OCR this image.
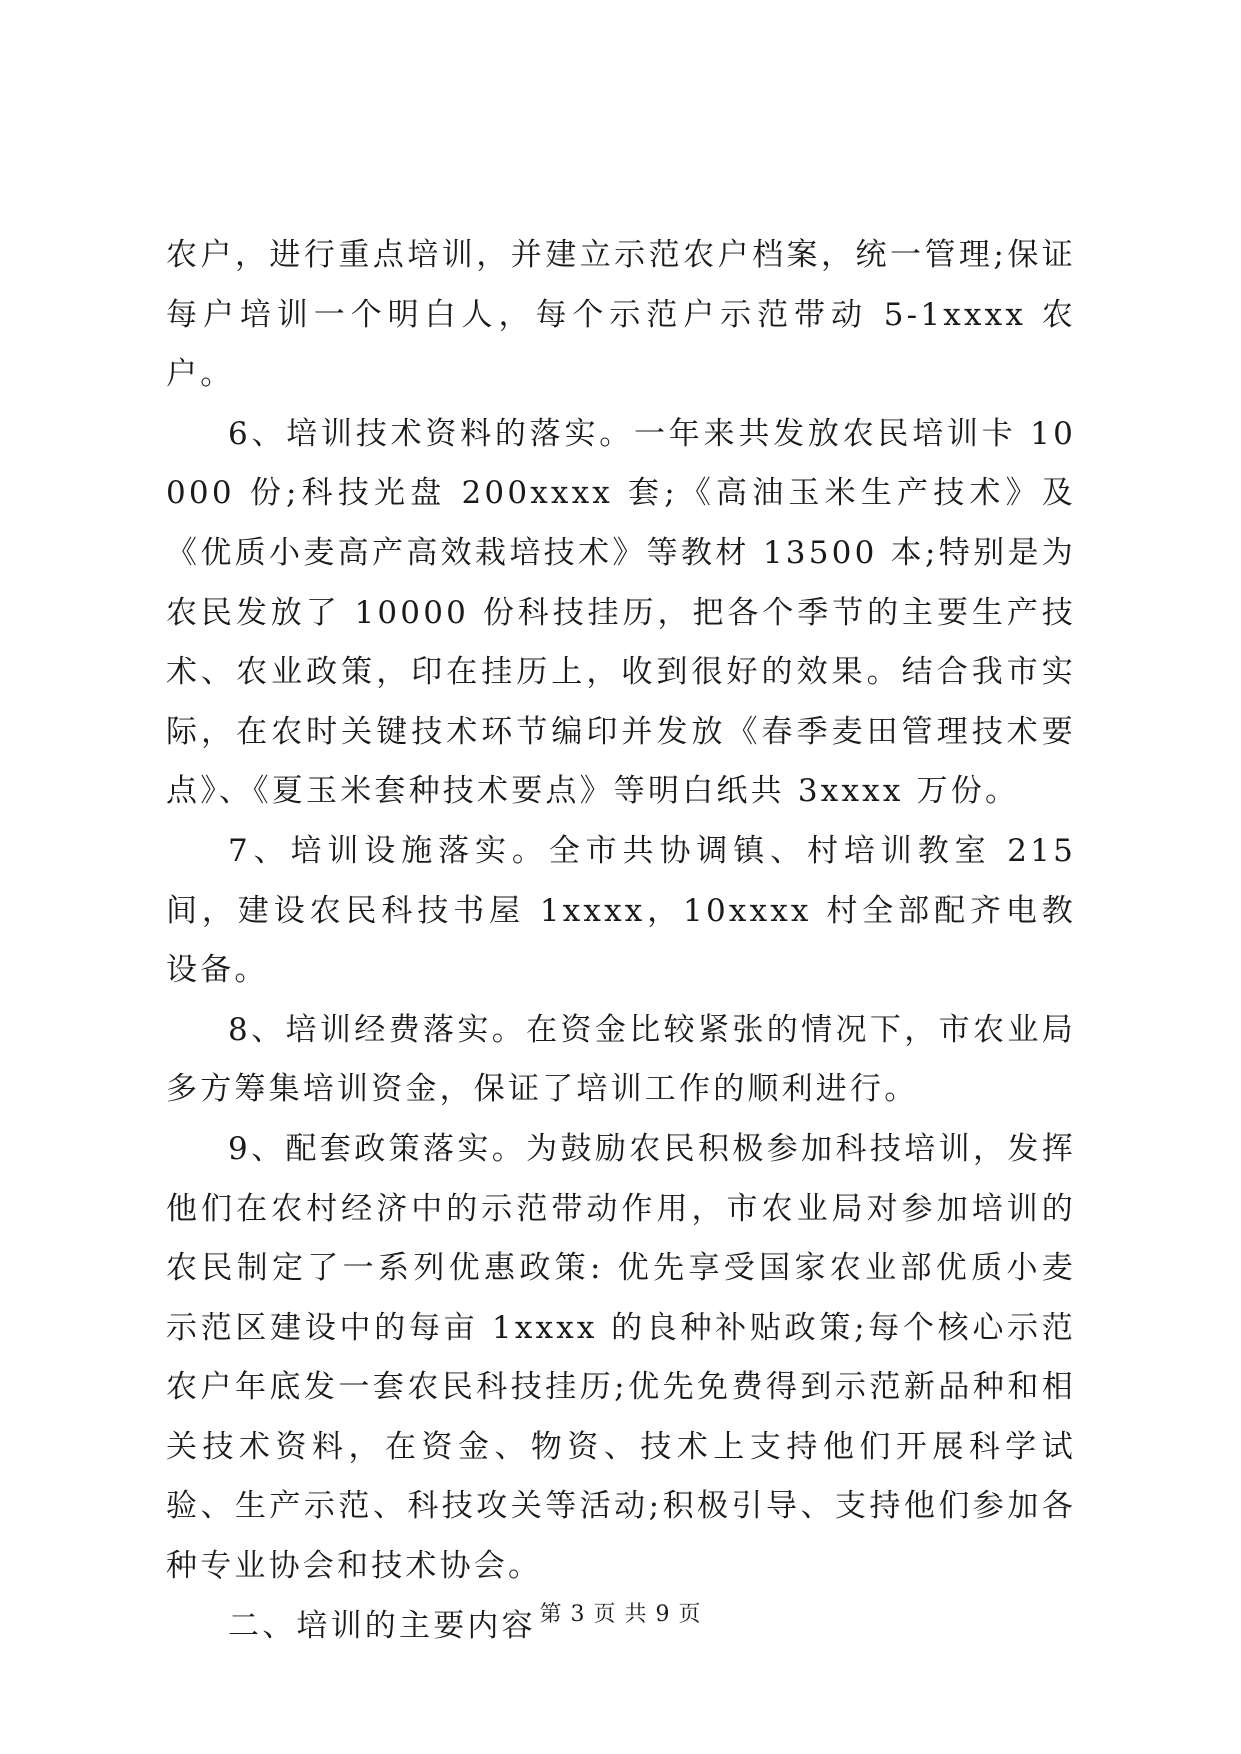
农户，进行重点培训，并建立示范农户档案，统一管理;保证每户培训一个明白人，每个示范户示范带动 5-1xxxx 农户。

6、培训技术资料的落实。一年来共发放农民培训卡 10000 份;科技光盘 200xxxx 套;《高油玉米生产技术》及《优质小麦高产高效栽培技术》等教材 13500 本;特别是为农民发放了 10000 份科技挂历，把各个季节的主要生产技术、农业政策，印在挂历上，收到很好的效果。结合我市实际，在农时关键技术环节编印并发放《春季麦田管理技术要点》、《夏玉米套种技术要点》等明白纸共 3xxxx 万份。

7、培训设施落实。全市共协调镇、村培训教室 215 间，建设农民科技书屋 1xxxx，10xxxx 村全部配齐电教设备。

8、培训经费落实。在资金比较紧张的情况下，市农业局多方筹集培训资金，保证了培训工作的顺利进行。

9、配套政策落实。为鼓励农民积极参加科技培训，发挥他们在农村经济中的示范带动作用，市农业局对参加培训的农民制定了一系列优惠政策: 优先享受国家农业部优质小麦示范区建设中的每亩 1xxxx 的良种补贴政策;每个核心示范农户年底发一套农民科技挂历;优先免费得到示范新品种和相关技术资料，在资金、物资、技术上支持他们开展科学试验、生产示范、科技攻关等活动;积极引导、支持他们参加各种专业协会和技术协会。

二、培训的主要内容 第 3 页 共 9 页
